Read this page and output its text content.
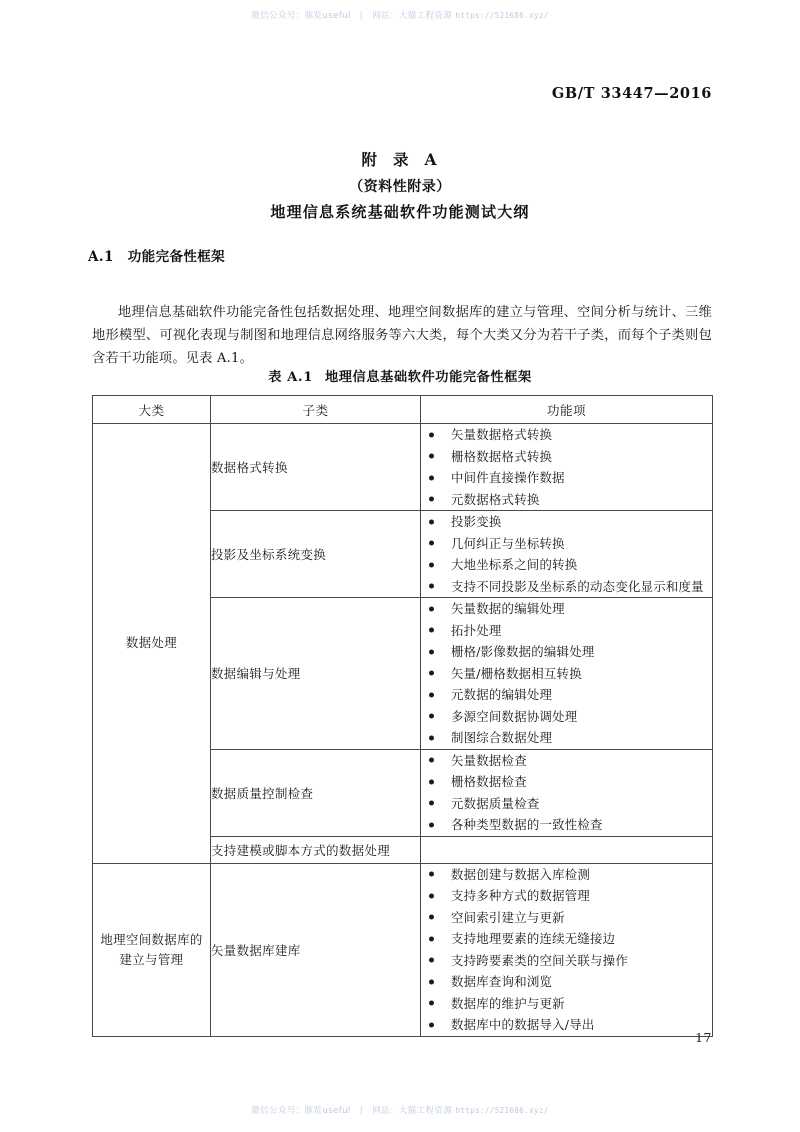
微信公众号：豚览useful | 网站：大猫工程资源 https://521686.xyz/
GB/T 33447—2016
附 录 A
（资料性附录）
地理信息系统基础软件功能测试大纲
A.1 功能完备性框架

地理信息基础软件功能完备性包括数据处理、地理空间数据库的建立与管理、空间分析与统计、三维地形模型、可视化表现与制图和地理信息网络服务等六大类，每个大类又分为若干子类，而每个子类则包含若干功能项。见表 A.1。

表 A.1 地理信息基础软件功能完备性框架
大类	子类	功能项
数据处理	数据格式转换	
矢量数据格式转换
栅格数据格式转换
中间件直接操作数据
元数据格式转换

投影及坐标系统变换	
投影变换
几何纠正与坐标转换
大地坐标系之间的转换
支持不同投影及坐标系的动态变化显示和度量

数据编辑与处理	
矢量数据的编辑处理
拓扑处理
栅格/影像数据的编辑处理
矢量/栅格数据相互转换
元数据的编辑处理
多源空间数据协调处理
制图综合数据处理

数据质量控制检查	
矢量数据检查
栅格数据检查
元数据质量检查
各种类型数据的一致性检查

	支持建模或脚本方式的数据处理	
地理空间数据库的
建立与管理	矢量数据库建库	
数据创建与数据入库检测
支持多种方式的数据管理
空间索引建立与更新
支持地理要素的连续无缝接边
支持跨要素类的空间关联与操作
数据库查询和浏览
数据库的维护与更新
数据库中的数据导入/导出
17
微信公众号：豚览useful | 网站：大猫工程资源 https://521686.xyz/
